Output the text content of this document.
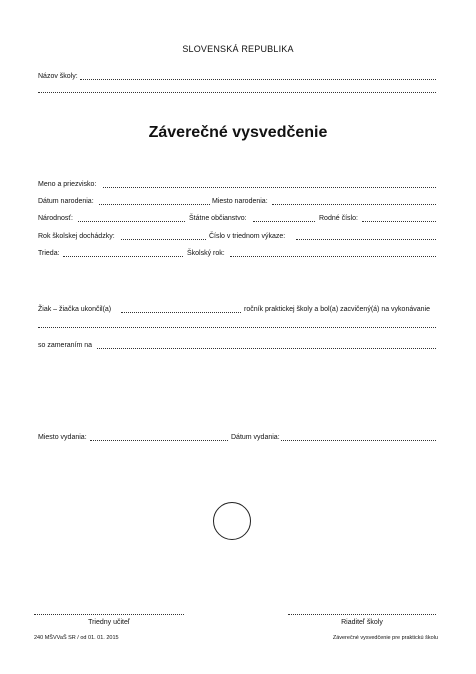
SLOVENSKÁ REPUBLIKA
Názov školy:
Záverečné vysvedčenie
Meno a priezvisko:
Dátum narodenia:	Miesto narodenia:
Národnosť:	Štátne občianstvo:	Rodné číslo:
Rok školskej dochádzky:	Číslo v triednom výkaze:
Trieda:	Školský rok:
Žiak – žiačka ukončil(a)	ročník praktickej školy a bol(a) zacvičený(á) na vykonávanie
so zameraním na
Miesto vydania:	Dátum vydania:
Triedny učiteľ	Riaditeľ školy
240 MŠVVaŠ SR / od 01. 01. 2015	Záverečné vysvedčenie pre praktickú školu
